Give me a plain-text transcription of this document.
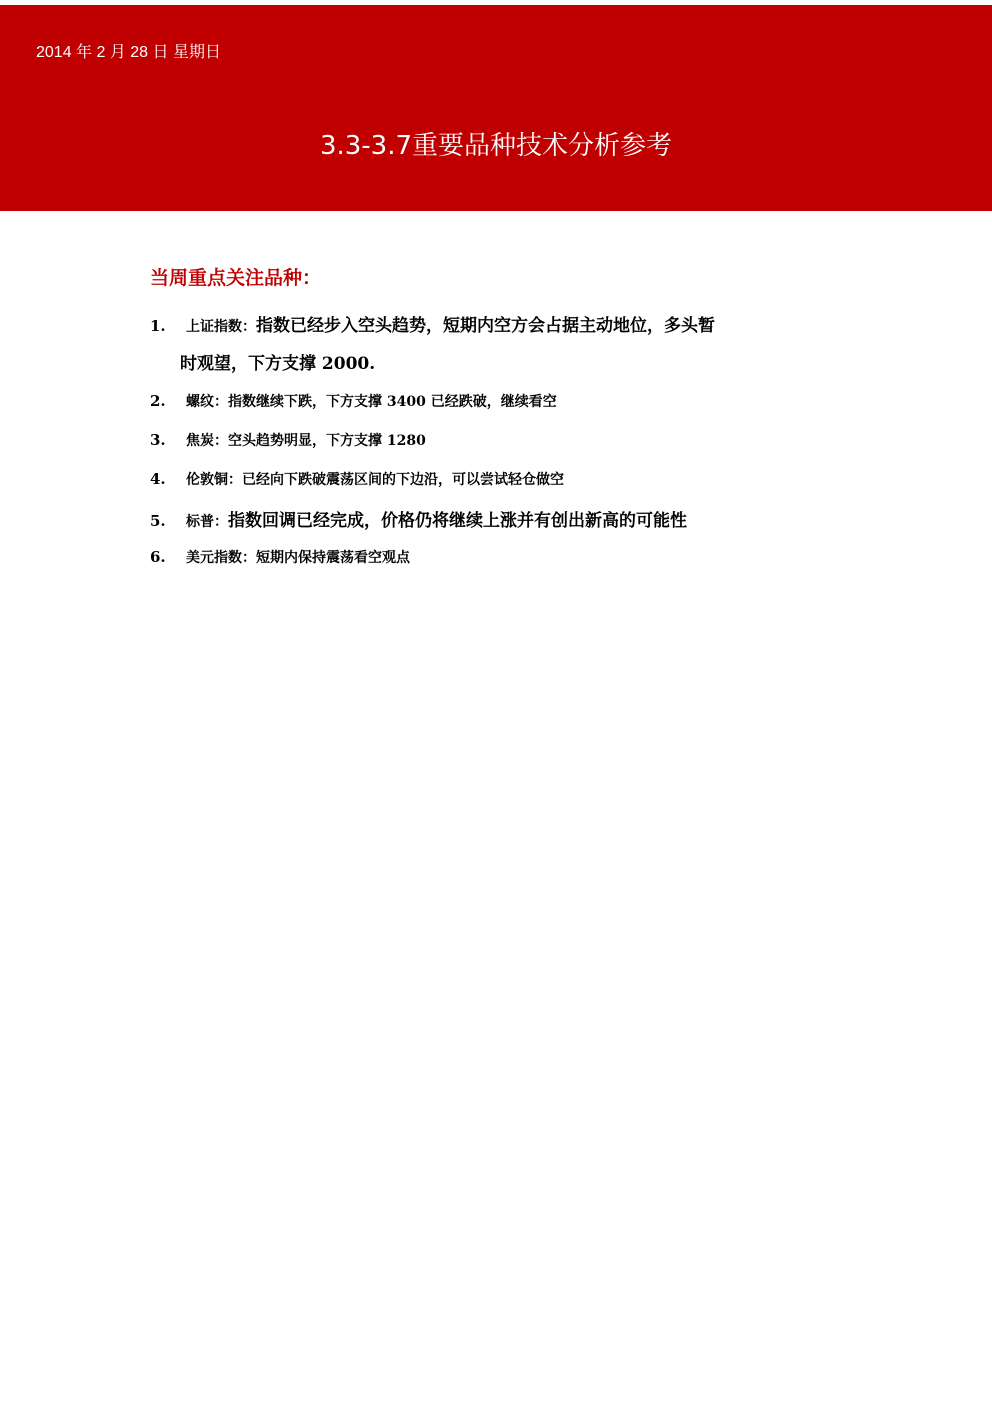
2014 年 2 月 28 日 星期日
3.3-3.7重要品种技术分析参考
当周重点关注品种：
1. 上证指数：指数已经步入空头趋势，短期内空方会占据主动地位，多头暂
2. 螺纹：指数继续下跌，下方支撑 3400 已经跌破，继续看空
3. 焦炭：空头趋势明显，下方支撑 1280
4. 伦敦铜：已经向下跌破震荡区间的下边沿，可以尝试轻仓做空
5. 标普：指数回调已经完成，价格仍将继续上涨并有创出新高的可能性
6. 美元指数：短期内保持震荡看空观点
时观望，下方支撑 2000.
